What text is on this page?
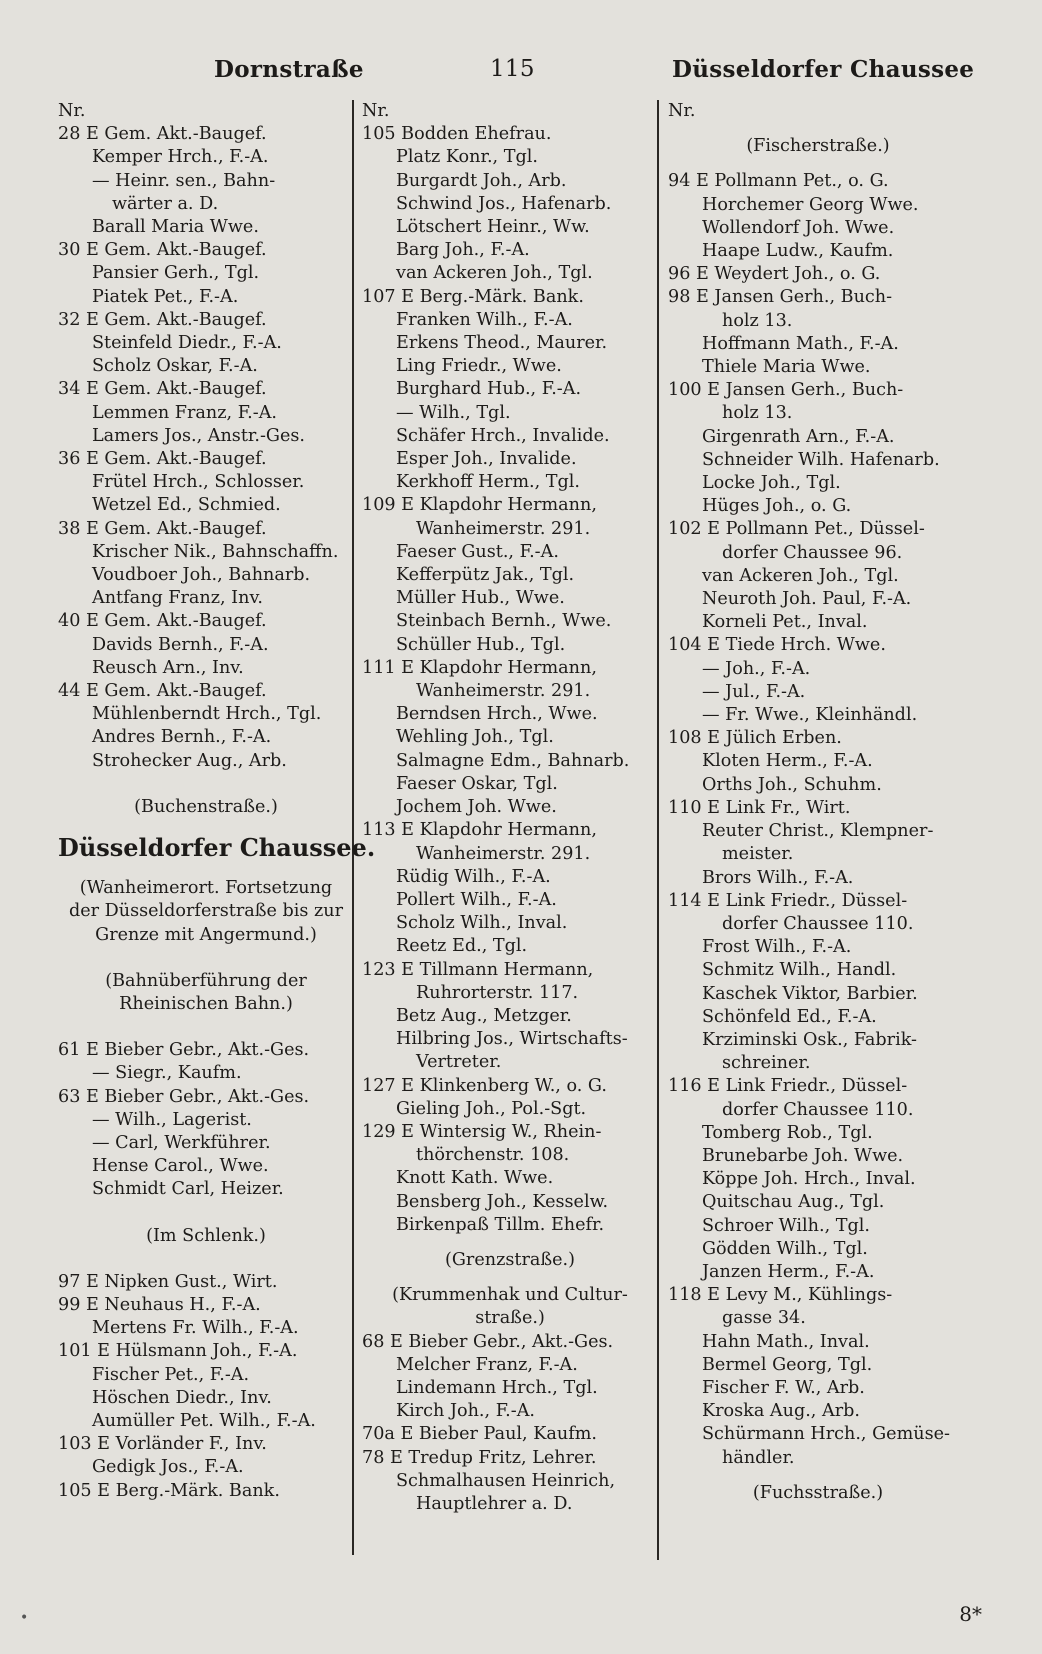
Dornstraße	115	Düsseldorfer Chaussee
Nr.
28 E Gem. Akt.-Baugef.
Kemper Hrch., F.-A.
— Heinr. sen., Bahn-
wärter a. D.
Barall Maria Wwe.
30 E Gem. Akt.-Baugef.
Pansier Gerh., Tgl.
Piatek Pet., F.-A.
32 E Gem. Akt.-Baugef.
Steinfeld Diedr., F.-A.
Scholz Oskar, F.-A.
34 E Gem. Akt.-Baugef.
Lemmen Franz, F.-A.
Lamers Jos., Anstr.-Ges.
36 E Gem. Akt.-Baugef.
Frütel Hrch., Schlosser.
Wetzel Ed., Schmied.
38 E Gem. Akt.-Baugef.
Krischer Nik., Bahnschaffn.
Voudboer Joh., Bahnarb.
Antfang Franz, Inv.
40 E Gem. Akt.-Baugef.
Davids Bernh., F.-A.
Reusch Arn., Inv.
44 E Gem. Akt.-Baugef.
Mühlenberndt Hrch., Tgl.
Andres Bernh., F.-A.
Strohecker Aug., Arb.
(Buchenstraße.)
Düsseldorfer Chaussee.
(Wanheimerort. Fortsetzung
der Düsseldorferstraße bis zur
Grenze mit Angermund.)
(Bahnüberführung der
Rheinischen Bahn.)
61 E Bieber Gebr., Akt.-Ges.
— Siegr., Kaufm.
63 E Bieber Gebr., Akt.-Ges.
— Wilh., Lagerist.
— Carl, Werkführer.
Hense Carol., Wwe.
Schmidt Carl, Heizer.
(Im Schlenk.)
97 E Nipken Gust., Wirt.
99 E Neuhaus H., F.-A.
Mertens Fr. Wilh., F.-A.
101 E Hülsmann Joh., F.-A.
Fischer Pet., F.-A.
Höschen Diedr., Inv.
Aumüller Pet. Wilh., F.-A.
103 E Vorländer F., Inv.
Gedigk Jos., F.-A.
105 E Berg.-Märk. Bank.
Nr.
105 Bodden Ehefrau.
Platz Konr., Tgl.
Burgardt Joh., Arb.
Schwind Jos., Hafenarb.
Lötschert Heinr., Ww.
Barg Joh., F.-A.
van Ackeren Joh., Tgl.
107 E Berg.-Märk. Bank.
Franken Wilh., F.-A.
Erkens Theod., Maurer.
Ling Friedr., Wwe.
Burghard Hub., F.-A.
— Wilh., Tgl.
Schäfer Hrch., Invalide.
Esper Joh., Invalide.
Kerkhoff Herm., Tgl.
109 E Klapdohr Hermann,
Wanheimerstr. 291.
Faeser Gust., F.-A.
Kefferpütz Jak., Tgl.
Müller Hub., Wwe.
Steinbach Bernh., Wwe.
Schüller Hub., Tgl.
111 E Klapdohr Hermann,
Wanheimerstr. 291.
Berndsen Hrch., Wwe.
Wehling Joh., Tgl.
Salmagne Edm., Bahnarb.
Faeser Oskar, Tgl.
Jochem Joh. Wwe.
113 E Klapdohr Hermann,
Wanheimerstr. 291.
Rüdig Wilh., F.-A.
Pollert Wilh., F.-A.
Scholz Wilh., Inval.
Reetz Ed., Tgl.
123 E Tillmann Hermann,
Ruhrorterstr. 117.
Betz Aug., Metzger.
Hilbring Jos., Wirtschafts-
Vertreter.
127 E Klinkenberg W., o. G.
Gieling Joh., Pol.-Sgt.
129 E Wintersig W., Rhein-
thörchenstr. 108.
Knott Kath. Wwe.
Bensberg Joh., Kesselw.
Birkenpaß Tillm. Ehefr.
(Grenzstraße.)
(Krummenhak und Cultur-
straße.)
68 E Bieber Gebr., Akt.-Ges.
Melcher Franz, F.-A.
Lindemann Hrch., Tgl.
Kirch Joh., F.-A.
70a E Bieber Paul, Kaufm.
78 E Tredup Fritz, Lehrer.
Schmalhausen Heinrich,
Hauptlehrer a. D.
Nr.
(Fischerstraße.)
94 E Pollmann Pet., o. G.
Horchemer Georg Wwe.
Wollendorf Joh. Wwe.
Haape Ludw., Kaufm.
96 E Weydert Joh., o. G.
98 E Jansen Gerh., Buch-
holz 13.
Hoffmann Math., F.-A.
Thiele Maria Wwe.
100 E Jansen Gerh., Buch-
holz 13.
Girgenrath Arn., F.-A.
Schneider Wilh. Hafenarb.
Locke Joh., Tgl.
Hüges Joh., o. G.
102 E Pollmann Pet., Düssel-
dorfer Chaussee 96.
van Ackeren Joh., Tgl.
Neuroth Joh. Paul, F.-A.
Korneli Pet., Inval.
104 E Tiede Hrch. Wwe.
— Joh., F.-A.
— Jul., F.-A.
— Fr. Wwe., Kleinhändl.
108 E Jülich Erben.
Kloten Herm., F.-A.
Orths Joh., Schuhm.
110 E Link Fr., Wirt.
Reuter Christ., Klempner-
meister.
Brors Wilh., F.-A.
114 E Link Friedr., Düssel-
dorfer Chaussee 110.
Frost Wilh., F.-A.
Schmitz Wilh., Handl.
Kaschek Viktor, Barbier.
Schönfeld Ed., F.-A.
Krziminski Osk., Fabrik-
schreiner.
116 E Link Friedr., Düssel-
dorfer Chaussee 110.
Tomberg Rob., Tgl.
Brunebarbe Joh. Wwe.
Köppe Joh. Hrch., Inval.
Quitschau Aug., Tgl.
Schroer Wilh., Tgl.
Gödden Wilh., Tgl.
Janzen Herm., F.-A.
118 E Levy M., Kühlings-
gasse 34.
Hahn Math., Inval.
Bermel Georg, Tgl.
Fischer F. W., Arb.
Kroska Aug., Arb.
Schürmann Hrch., Gemüse-
händler.
(Fuchsstraße.)
•	8*
